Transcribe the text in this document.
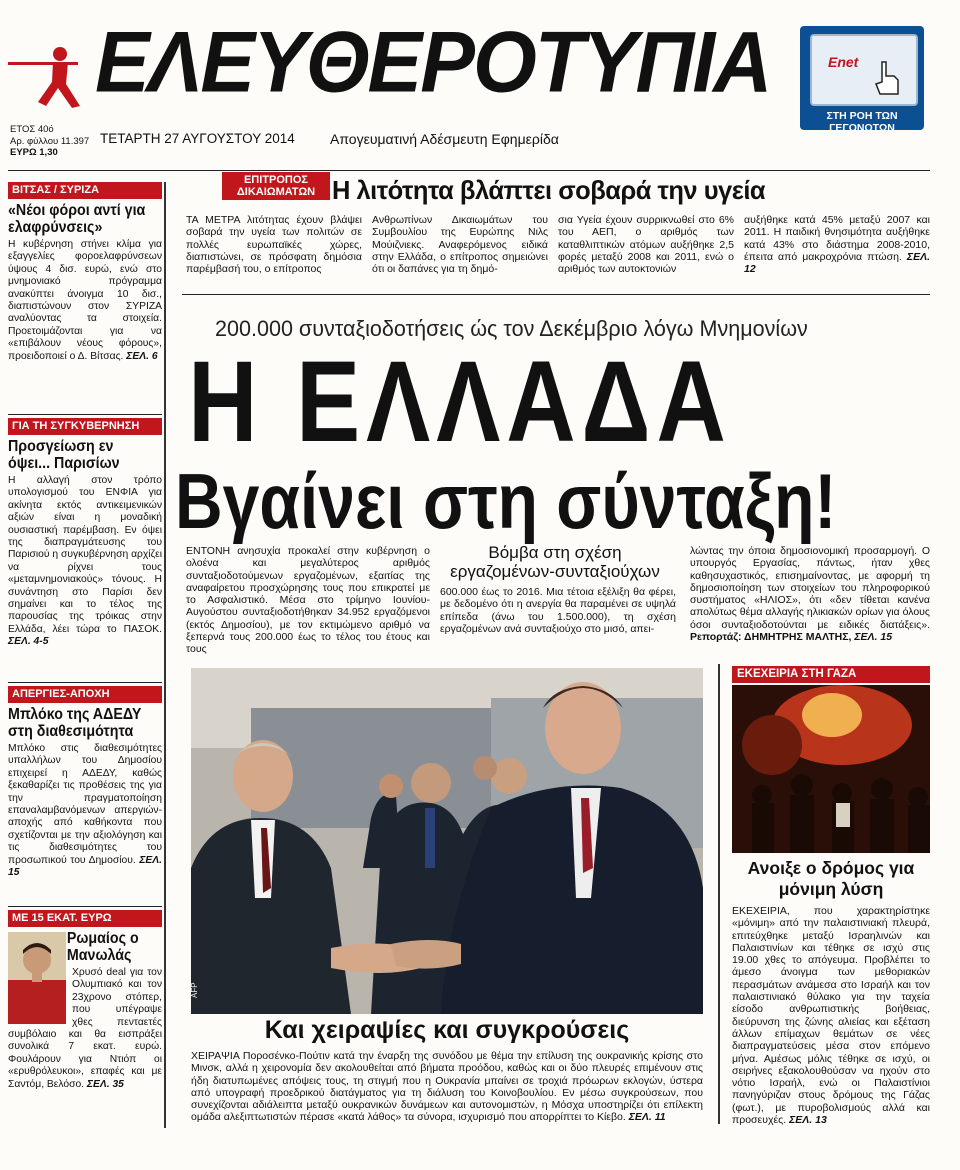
ΕΛΕΥΘΕΡΟΤΥΠΙΑ	Enet
ΣΤΗ ΡΟΗ ΤΩΝ ΓΕΓΟΝΟΤΩΝ
ΕΤΟΣ 40ό
Αρ. φύλλου 11.397
ΕΥΡΩ 1,30
ΤΕΤΑΡΤΗ 27 ΑΥΓΟΥΣΤΟΥ 2014	Απογευματινή Αδέσμευτη Εφημερίδα
ΒΙΤΣΑΣ / ΣΥΡΙΖΑ
«Νέοι φόροι αντί για ελαφρύνσεις»
Η κυβέρνηση στήνει κλίμα για εξαγγελίες φοροελαφρύνσεων ύψους 4 δισ. ευρώ, ενώ στο μνημονιακό πρόγραμμα ανακύπτει άνοιγμα 10 δισ., διαπιστώνουν στον ΣΥΡΙΖΑ αναλύοντας τα στοιχεία. Προετοιμάζονται για να «επιβάλουν νέους φόρους», προειδοποιεί ο Δ. Βίτσας. ΣΕΛ. 6
ΓΙΑ ΤΗ ΣΥΓΚΥΒΕΡΝΗΣΗ
Προσγείωση εν όψει... Παρισίων
Η αλλαγή στον τρόπο υπολογισμού του ΕΝΦΙΑ για ακίνητα εκτός αντικειμενικών αξιών είναι η μοναδική ουσιαστική παρέμβαση. Εν όψει της διαπραγμάτευσης του Παρισιού η συγκυβέρνηση αρχίζει να ρίχνει τους «μεταμνημονιακούς» τόνους. Η συνάντηση στο Παρίσι δεν σημαίνει και το τέλος της παρουσίας της τρόικας στην Ελλάδα, λέει τώρα το ΠΑΣΟΚ. ΣΕΛ. 4-5
ΑΠΕΡΓΙΕΣ-ΑΠΟΧΗ
Μπλόκο της ΑΔΕΔΥ στη διαθεσιμότητα
Μπλόκο στις διαθεσιμότητες υπαλλήλων του Δημοσίου επιχειρεί η ΑΔΕΔΥ, καθώς ξεκαθαρίζει τις προθέσεις της για την πραγματοποίηση επαναλαμβανόμενων απεργιών-αποχής από καθήκοντα που σχετίζονται με την αξιολόγηση και τις διαθεσιμότητες του προσωπικού του Δημοσίου. ΣΕΛ. 15
ΜΕ 15 ΕΚΑΤ. ΕΥΡΩ
Ρωμαίος ο Μανωλάς
Χρυσό deal για τον Ολυμπιακό και τον 23χρονο στόπερ, που υπέγραψε χθες πενταετές συμβόλαιο και θα εισπράξει συνολικά 7 εκατ. ευρώ. Φουλάρουν για Ντιόπ οι «ερυθρόλευκοι», επαφές και με Σαντόμ, Βελόσο. ΣΕΛ. 35
ΕΠΙΤΡΟΠΟΣ
ΔΙΚΑΙΩΜΑΤΩΝ Η λιτότητα βλάπτει σοβαρά την υγεία
ΤΑ ΜΕΤΡΑ λιτότητας έχουν βλάψει σοβαρά την υγεία των πολιτών σε πολλές ευρωπαϊκές χώρες, διαπιστώνει, σε πρόσφατη δημόσια παρέμβασή του, ο επίτροπος
Ανθρωπίνων Δικαιωμάτων του Συμβουλίου της Ευρώπης Νιλς Μούιζνιεκς. Αναφερόμενος ειδικά στην Ελλάδα, ο επίτροπος σημειώνει ότι οι δαπάνες για τη δημό-
σια Υγεία έχουν συρρικνωθεί στο 6% του ΑΕΠ, ο αριθμός των καταθλιπτικών ατόμων αυξήθηκε 2,5 φορές μεταξύ 2008 και 2011, ενώ ο αριθμός των αυτοκτονιών
αυξήθηκε κατά 45% μεταξύ 2007 και 2011. Η παιδική θνησιμότητα αυξήθηκε κατά 43% στο διάστημα 2008-2010, έπειτα από μακροχρόνια πτώση. ΣΕΛ. 12
200.000 συνταξιοδοτήσεις ώς τον Δεκέμβριο λόγω Μνημονίων
Η ΕΛΛΑΔΑ
Βγαίνει στη σύνταξη!
ΕΝΤΟΝΗ ανησυχία προκαλεί στην κυβέρνηση ο ολοένα και μεγαλύτερος αριθμός συνταξιοδοτούμενων εργαζομένων, εξαιτίας της αναφαίρετου προσχώρησης τους που επικρατεί με το Ασφαλιστικό. Μέσα στο τρίμηνο Ιουνίου-Αυγούστου συνταξιοδοτήθηκαν 34.952 εργαζόμενοι (εκτός Δημοσίου), με τον εκτιμώμενο αριθμό να ξεπερνά τους 200.000 έως το τέλος του έτους και τους
Βόμβα στη σχέση εργαζομένων-συνταξιούχων
600.000 έως το 2016. Μια τέτοια εξέλιξη θα φέρει, με δεδομένο ότι η ανεργία θα παραμένει σε υψηλά επίπεδα (άνω του 1.500.000), τη σχέση εργαζομένων ανά συνταξιούχο στο μισό, απει-
λώντας την όποια δημοσιονομική προσαρμογή. Ο υπουργός Εργασίας, πάντως, ήταν χθες καθησυχαστικός, επισημαίνοντας, με αφορμή τη δημοσιοποίηση των στοιχείων του πληροφορικού συστήματος «ΗΛΙΟΣ», ότι «δεν τίθεται κανένα απολύτως θέμα αλλαγής ηλικιακών ορίων για όλους όσοι συνταξιοδοτούνται με ειδικές διατάξεις». Ρεπορτάζ: ΔΗΜΗΤΡΗΣ ΜΑΛΤΗΣ, ΣΕΛ. 15
AFP
Και χειραψίες και συγκρούσεις
ΧΕΙΡΑΨΙΑ Ποροσένκο-Πούτιν κατά την έναρξη της συνόδου με θέμα την επίλυση της ουκρανικής κρίσης στο Μινσκ, αλλά η χειρονομία δεν ακολουθείται από βήματα προόδου, καθώς και οι δύο πλευρές επιμένουν στις ήδη διατυπωμένες απόψεις τους, τη στιγμή που η Ουκρανία μπαίνει σε τροχιά πρόωρων εκλογών, ύστερα από υπογραφή προεδρικού διατάγματος για τη διάλυση του Κοινοβουλίου. Εν μέσω συγκρούσεων, που συνεχίζονται αδιάλειπτα μεταξύ ουκρανικών δυνάμεων και αυτονομιστών, η Μόσχα υποστηρίζει ότι επίλεκτη ομάδα αλεξιπτωτιστών πέρασε «κατά λάθος» τα σύνορα, ισχυρισμό που απορρίπτει το Κίεβο. ΣΕΛ. 11
ΕΚΕΧΕΙΡΙΑ ΣΤΗ ΓΑΖΑ
Ανοιξε ο δρόμος για μόνιμη λύση
ΕΚΕΧΕΙΡΙΑ, που χαρακτηρίστηκε «μόνιμη» από την παλαιστινιακή πλευρά, επιτεύχθηκε μεταξύ Ισραηλινών και Παλαιστινίων και τέθηκε σε ισχύ στις 19.00 χθες το απόγευμα. Προβλέπει το άμεσο άνοιγμα των μεθοριακών περασμάτων ανάμεσα στο Ισραήλ και τον παλαιστινιακό θύλακο για την ταχεία είσοδο ανθρωπιστικής βοήθειας, διεύρυνση της ζώνης αλιείας και εξέταση άλλων επίμαχων θεμάτων σε νέες διαπραγματεύσεις μέσα στον επόμενο μήνα. Αμέσως μόλις τέθηκε σε ισχύ, οι σειρήνες εξακολουθούσαν να ηχούν στο νότιο Ισραήλ, ενώ οι Παλαιστίνιοι πανηγύριζαν στους δρόμους της Γάζας (φωτ.), με πυροβολισμούς αλλά και προσευχές. ΣΕΛ. 13
